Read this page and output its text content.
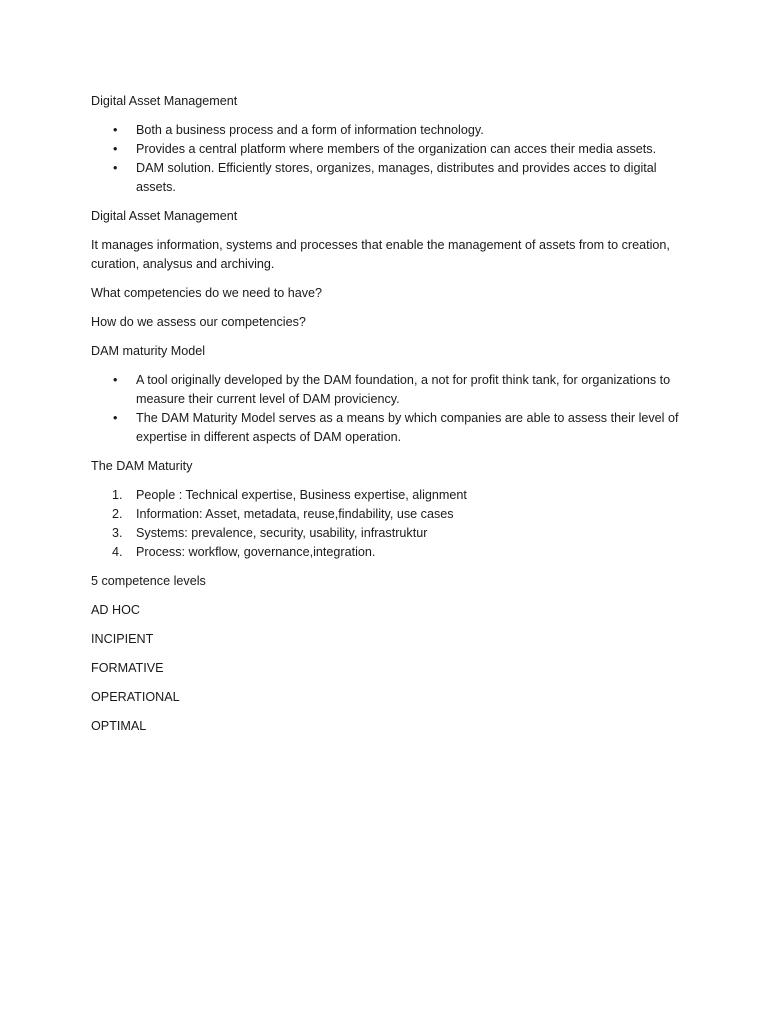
Digital Asset Management

•	Both a business process and a form of information technology.
•	Provides a central platform where members of the organization can acces their media assets.
•	DAM solution. Efficiently stores, organizes, manages, distributes and provides acces to digital assets.

Digital Asset Management

It manages information, systems and processes that enable the management of assets from to creation, curation, analysus and archiving.

What competencies do we need to have?

How do we assess our competencies?

DAM maturity Model

•	A tool originally developed by the DAM foundation, a not for profit think tank, for organizations to measure their current level of DAM proviciency.
•	The DAM Maturity Model serves as a means by which companies are able to assess their level of expertise in different aspects of DAM operation.

The DAM Maturity

1.	People : Technical expertise, Business expertise, alignment
2.	Information: Asset, metadata, reuse,findability, use cases
3.	Systems: prevalence, security, usability, infrastruktur
4.	Process: workflow, governance,integration.

5 competence levels

AD HOC

INCIPIENT

FORMATIVE

OPERATIONAL

OPTIMAL
